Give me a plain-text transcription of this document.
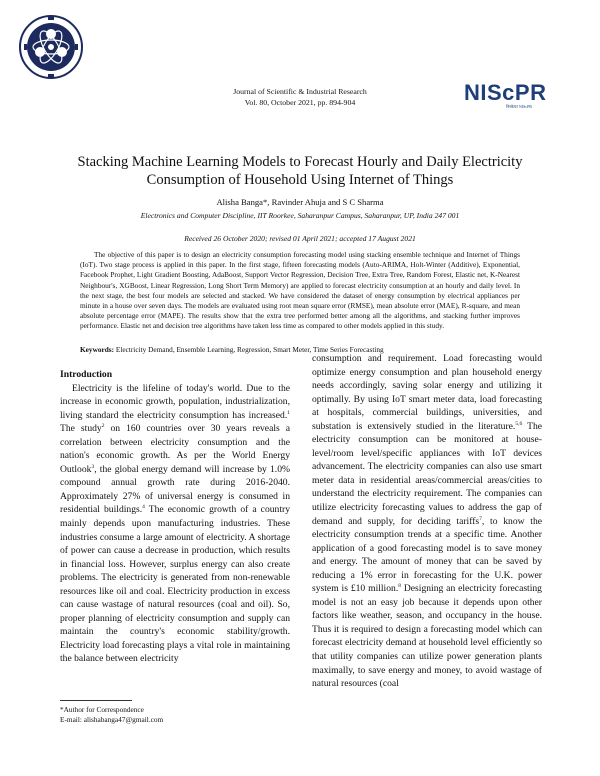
Journal of Scientific & Industrial Research
Vol. 80, October 2021, pp. 894-904	NIScPR
निस्केयर NIScPR
Stacking Machine Learning Models to Forecast Hourly and Daily Electricity
Consumption of Household Using Internet of Things
Alisha Banga*, Ravinder Ahuja and S C Sharma
Electronics and Computer Discipline, IIT Roorkee, Saharanpur Campus, Saharanpur, UP, India 247 001
Received 26 October 2020; revised 01 April 2021; accepted 17 August 2021
The objective of this paper is to design an electricity consumption forecasting model using stacking ensemble technique and Internet of Things (IoT). Two stage process is applied in this paper. In the first stage, fifteen forecasting models (Auto-ARIMA, Holt-Winter (Additive), Exponential, Facebook Prophet, Light Gradient Boosting, AdaBoost, Support Vector Regression, Decision Tree, Extra Tree, Random Forest, Elastic net, K-Nearest Neighbour's, XGBoost, Linear Regression, Long Short Term Memory) are applied to forecast electricity consumption at an hourly and daily level. In the next stage, the best four models are selected and stacked. We have considered the dataset of energy consumption by electrical appliances per minute in a house over seven days. The models are evaluated using root mean square error (RMSE), mean absolute error (MAE), R-square, and mean absolute percentage error (MAPE). The results show that the extra tree performed better among all the algorithms, and stacking further improves performance. Elastic net and decision tree algorithms have taken less time as compared to other models applied in this study.
Keywords: Electricity Demand, Ensemble Learning, Regression, Smart Meter, Time Series Forecasting
Introduction
Electricity is the lifeline of today's world. Due to the increase in economic growth, population, industrialization, living standard the electricity consumption has increased.$^1$ The study$^2$ on 160 countries over 30 years reveals a correlation between electricity consumption and the nation's economic growth. As per the World Energy Outlook$^3$, the global energy demand will increase by 1.0% compound annual growth rate during 2016-2040. Approximately 27% of universal energy is consumed in residential buildings.$^4$ The economic growth of a country mainly depends upon manufacturing industries. These industries consume a large amount of electricity. A shortage of power can cause a decrease in production, which results in financial loss. However, surplus energy can also create problems. The electricity is generated from non-renewable resources like oil and coal. Electricity production in excess can cause wastage of natural resources (coal and oil). So, proper planning of electricity consumption and supply can maintain the country's economic stability/growth. Electricity load forecasting plays a vital role in maintaining the balance between electricity
consumption and requirement. Load forecasting would optimize energy consumption and plan household energy needs accordingly, saving solar energy and utilizing it optimally. By using IoT smart meter data, load forecasting at hospitals, commercial buildings, universities, and substation is extensively studied in the literature.$^{5,6}$ The electricity consumption can be monitored at house-level/room level/specific appliances with IoT devices advancement. The electricity companies can also use smart meter data in residential areas/commercial areas/cities to understand the electricity requirement. The companies can utilize electricity forecasting values to address the gap of demand and supply, for deciding tariffs$^7$, to know the electricity consumption trends at a specific time. Another application of a good forecasting model is to save money and energy. The amount of money that can be saved by reducing a 1% error in forecasting for the U.K. power system is £10 million.$^8$ Designing an electricity forecasting model is not an easy job because it depends upon other factors like weather, season, and occupancy in the house. Thus it is required to design a forecasting model which can forecast electricity demand at household level efficiently so that utility companies can utilize power generation plants maximally, to save energy and money, to avoid wastage of natural resources (coal
*Author for Correspondence
E-mail: alishabanga47@gmail.com
